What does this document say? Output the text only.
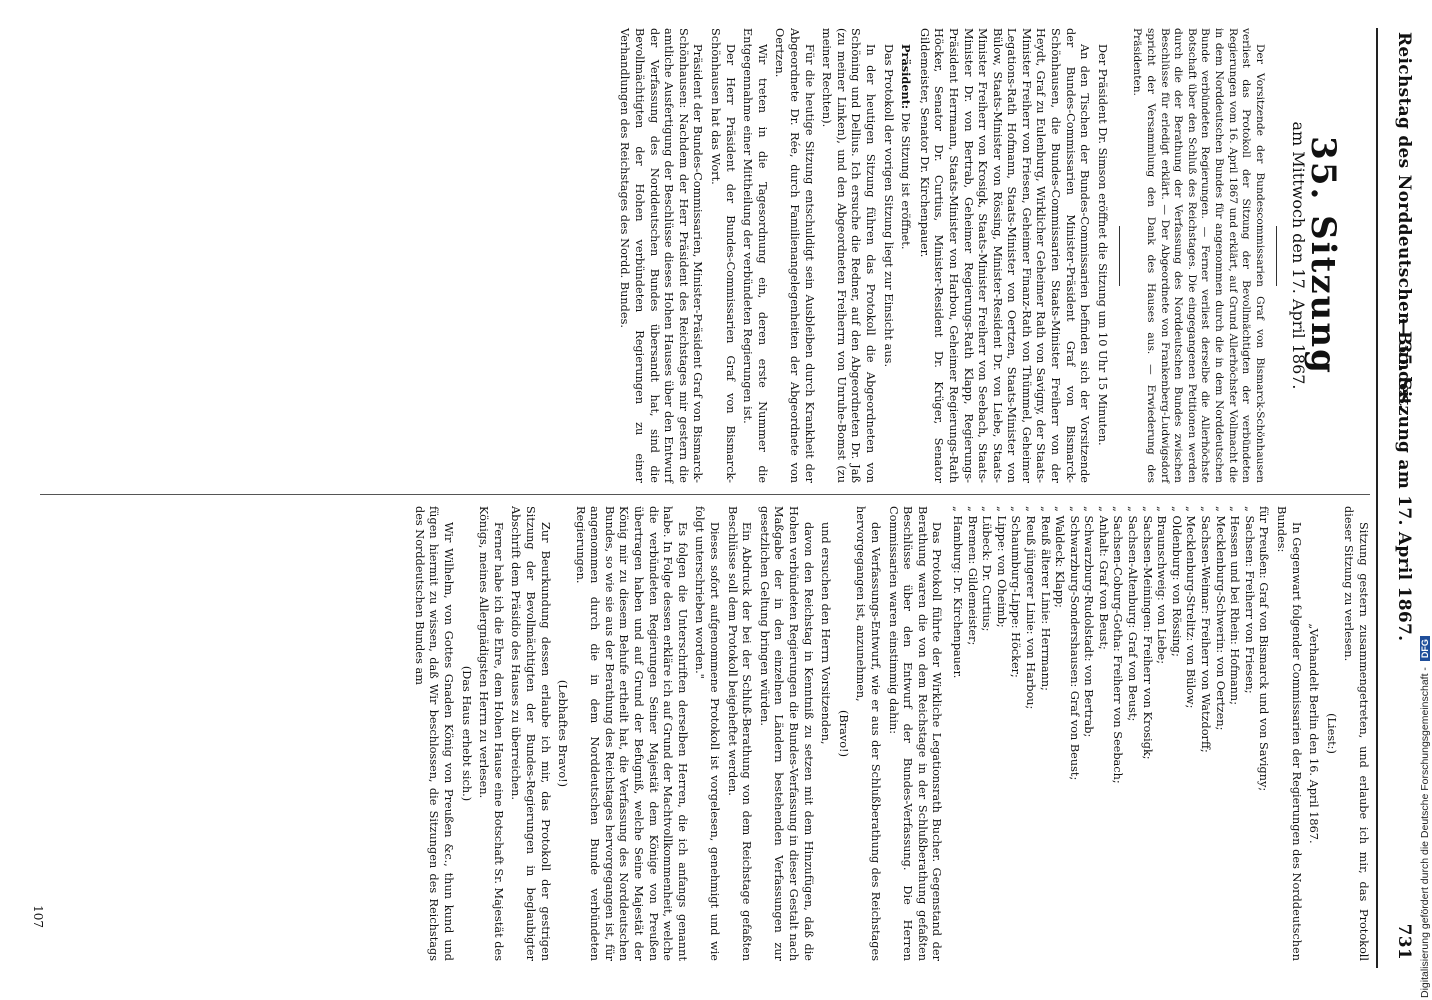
Reichstag des Norddeutschen Bundes.
— 35. Sitzung am 17. April 1867.
731
35. Sitzung
am Mittwoch den 17. April 1867.

Der Vorsitzende der Bundescommissarien Graf von Bismarck-Schönhausen verliest das Protokoll der Sitzung der Bevollmächtigten der verbündeten Regierungen vom 16. April 1867 und erklärt, auf Grund Allerhöchster Vollmacht die in dem Norddeutschen Bundes für angenommen durch die in dem Norddeutschen Bunde verbündeten Regierungen. — Ferner verliest derselbe die Allerhöchste Botschaft über den Schluß des Reichstages. Die eingegangenen Petitionen werden durch die der Berathung der Verfassung des Norddeutschen Bundes zwischen Beschlüsse für erledigt erklärt. — Der Abgeordnete von Frankenberg-Ludwigsdorf spricht der Versammlung den Dank des Hauses aus. — Erwiederung des Präsidenten.

Der Präsident Dr. Simson eröffnet die Sitzung um 10 Uhr 15 Minuten.

An den Tischen der Bundes-Commissarien befinden sich der Vorsitzende der Bundes-Commissarien Minister-Präsident Graf von Bismarck-Schönhausen, die Bundes-Commissarien Staats-Minister Freiherr von der Heydt, Graf zu Eulenburg, Wirklicher Geheimer Rath von Savigny, der Staats-Minister Freiherr von Friesen, Geheimer Finanz-Rath von Thümmel, Geheimer Legations-Rath Hofmann, Staats-Minister von Oertzen, Staats-Minister von Bülow, Staats-Minister von Rössing, Minister-Resident Dr. von Liebe, Staats-Minister Freiherr von Krosigk, Staats-Minister Freiherr von Seebach, Staats-Minister Dr. von Bertrab, Geheimer Regierungs-Rath Klapp, Regierungs-Präsident Herrmann, Staats-Minister von Harbou, Geheimer Regierungs-Rath Höcker, Senator Dr. Curtius, Minister-Resident Dr. Krüger, Senator Gildemeister, Senator Dr. Kirchenpauer.

Präsident: Die Sitzung ist eröffnet.

Das Protokoll der vorigen Sitzung liegt zur Einsicht aus.

In der heutigen Sitzung führen das Protokoll die Abgeordneten von Schöning und Dellius. Ich ersuche die Redner, auf den Abgeordneten Dr. Jaß (zu meiner Linken), und den Abgeordneten Freiherrn von Unruhe-Bomst (zu meiner Rechten).

Für die heutige Sitzung entschuldigt sein Ausbleiben durch Krankheit der Abgeordnete Dr. Rée, durch Familienangelegenheiten der Abgeordnete von Oertzen.

Wir treten in die Tagesordnung ein, deren erste Nummer die Entgegennahme einer Mittheilung der verbündeten Regierungen ist.

Der Herr Präsident der Bundes-Commissarien Graf von Bismarck-Schönhausen hat das Wort.

Präsident der Bundes-Commissarien, Minister-Präsident Graf von Bismarck-Schönhausen: Nachdem der Herr Präsident des Reichstages mir gestern die amtliche Ausfertigung der Beschlüsse dieses Hohen Hauses über den Entwurf der Verfassung des Norddeutschen Bundes übersandt hat, sind die Bevollmächtigten der Hohen verbündeten Regierungen zu einer Verhandlungen des Reichstages des Nordd. Bundes.

Sitzung gestern zusammengetreten, und erlaube ich mir, das Protokoll dieser Sitzung zu verlesen.

(Liest:)

„Verhandelt Berlin den 16. April 1867.

In Gegenwart folgender Commissarien der Regierungen des Norddeutschen Bundes:

für Preußen: Graf von Bismarck und von Savigny;
„ Sachsen: Freiherr von Friesen;
„ Hessen und bei Rhein: Hofmann;
„ Mecklenburg-Schwerin: von Oertzen;
„ Sachsen-Weimar: Freiherr von Watzdorff;
„ Mecklenburg-Strelitz: von Bülow;
„ Oldenburg: von Rössing;
„ Braunschweig: von Liebe;
„ Sachsen-Meiningen: Freiherr von Krosigk;
„ Sachsen-Altenburg: Graf von Beust;
„ Sachsen-Coburg-Gotha: Freiherr von Seebach;
„ Anhalt: Graf von Beust;
„ Schwarzburg-Rudolstadt: von Bertrab;
„ Schwarzburg-Sondershausen: Graf von Beust;
„ Waldeck: Klapp;
„ Reuß älterer Linie: Herrmann;
„ Reuß jüngerer Linie: von Harbou;
„ Schaumburg-Lippe: Höcker;
„ Lippe: von Oheimb;
„ Lübeck: Dr. Curtius;
„ Bremen: Gildemeister;
„ Hamburg: Dr. Kirchenpauer.

Das Protokoll führte der Wirkliche Legationsrath Bucher. Gegenstand der Berathung waren die von dem Reichstage in der Schlußberathung gefaßten Beschlüsse über den Entwurf der Bundes-Verfassung. Die Herren Commissarien waren einstimmig dahin:

den Verfassungs-Entwurf, wie er aus der Schlußberathung des Reichstages hervorgegangen ist, anzunehmen,

(Bravo!)

und ersuchen den Herrn Vorsitzenden,

davon den Reichstag in Kenntniß zu setzen mit dem Hinzufügen, daß die Hohen verbündeten Regierungen die Bundes-Verfassung in dieser Gestalt nach Maßgabe der in den einzelnen Ländern bestehenden Verfassungen zur gesetzlichen Geltung bringen würden.

Ein Abdruck der bei der Schluß-Berathung von dem Reichstage gefaßten Beschlüsse soll dem Protokoll beigeheftet werden.

Dieses sofort aufgenommene Protokoll ist vorgelesen, genehmigt und wie folgt unterschrieben worden."

Es folgen die Unterschriften derselben Herren, die ich anfangs genannt habe. In Folge dessen erkläre ich auf Grund der Machtvollkommenheit, welche die verbündeten Regierungen Seiner Majestät dem Könige von Preußen übertragen haben und auf Grund der Befugniß, welche Seine Majestät der König mir zu diesem Behufe ertheilt hat, die Verfassung des Norddeutschen Bundes, so wie sie aus der Berathung des Reichstages hervorgegangen ist, für angenommen durch die in dem Norddeutschen Bunde verbündeten Regierungen.

(Lebhaftes Bravo!)

Zur Beurkundung dessen erlaube ich mir, das Protokoll der gestrigen Sitzung der Bevollmächtigten der Bundes-Regierungen in beglaubigter Abschrift dem Präsidio des Hauses zu überreichen.

Ferner habe ich die Ehre, dem Hohen Hause eine Botschaft Sr. Majestät des Königs, meines Allergnädigsten Herrn zu verlesen.

(Das Haus erhebt sich.)

Wir Wilhelm, von Gottes Gnaden König von Preußen &c., thun kund und fügen hiermit zu wissen, daß Wir beschlossen, die Sitzungen des Reichstags des Norddeutschen Bundes am

107	Digitalisierung gefördert durch die Deutsche Forschungsgemeinschaft -
DFG
